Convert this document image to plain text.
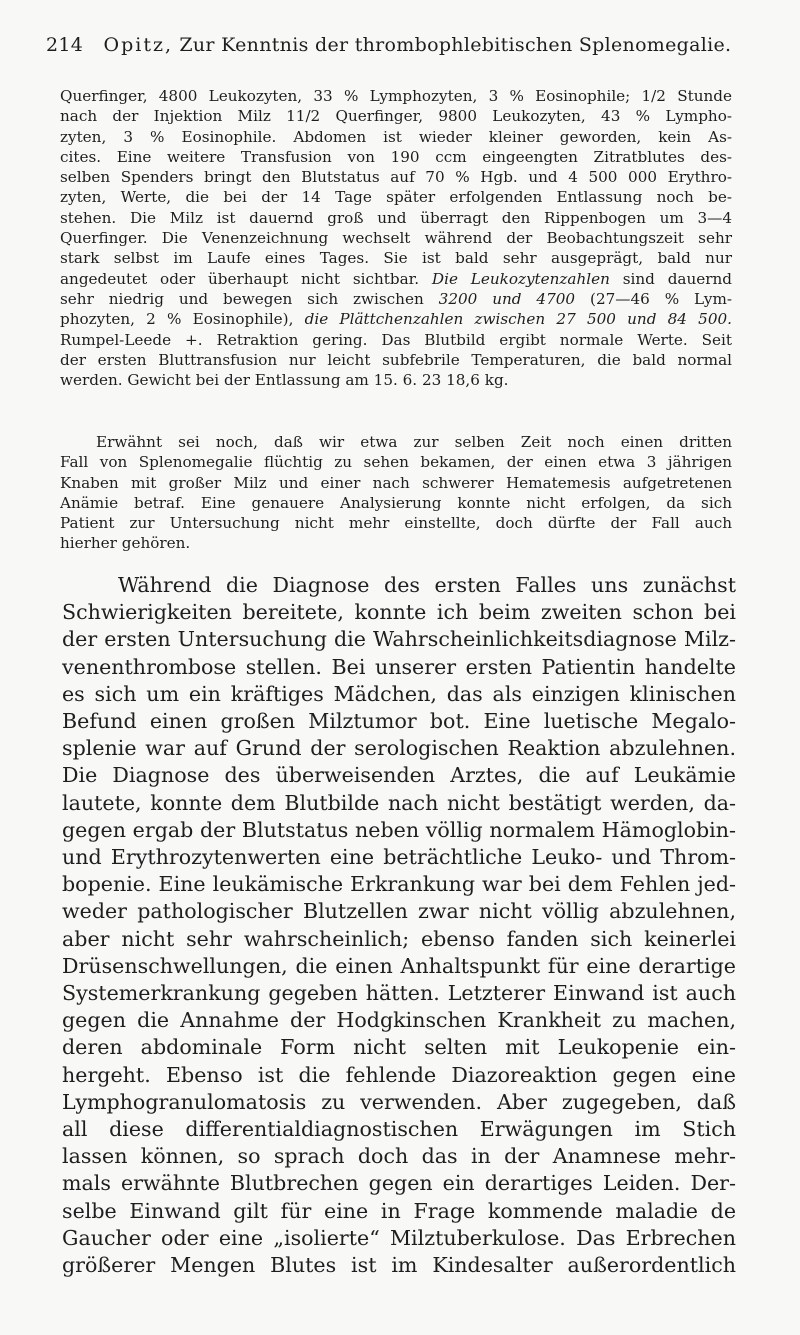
214 Opitz, Zur Kenntnis der thrombophlebitischen Splenomegalie.
Querfinger, 4800 Leukozyten, 33 % Lymphozyten, 3 % Eosinophile; 1/2 Stunde
nach der Injektion Milz 11/2 Querfinger, 9800 Leukozyten, 43 % Lympho-
zyten, 3 % Eosinophile. Abdomen ist wieder kleiner geworden, kein As-
cites. Eine weitere Transfusion von 190 ccm eingeengten Zitratblutes des-
selben Spenders bringt den Blutstatus auf 70 % Hgb. und 4 500 000 Erythro-
zyten, Werte, die bei der 14 Tage später erfolgenden Entlassung noch be-
stehen. Die Milz ist dauernd groß und überragt den Rippenbogen um 3—4
Querfinger. Die Venenzeichnung wechselt während der Beobachtungszeit sehr
stark selbst im Laufe eines Tages. Sie ist bald sehr ausgeprägt, bald nur
angedeutet oder überhaupt nicht sichtbar. Die Leukozytenzahlen sind dauernd
sehr niedrig und bewegen sich zwischen 3200 und 4700 (27—46 % Lym-
phozyten, 2 % Eosinophile), die Plättchenzahlen zwischen 27 500 und 84 500.
Rumpel-Leede +. Retraktion gering. Das Blutbild ergibt normale Werte. Seit
der ersten Bluttransfusion nur leicht subfebrile Temperaturen, die bald normal
werden. Gewicht bei der Entlassung am 15. 6. 23 18,6 kg.
Erwähnt sei noch, daß wir etwa zur selben Zeit noch einen dritten
Fall von Splenomegalie flüchtig zu sehen bekamen, der einen etwa 3 jährigen
Knaben mit großer Milz und einer nach schwerer Hematemesis aufgetretenen
Anämie betraf. Eine genauere Analysierung konnte nicht erfolgen, da sich
Patient zur Untersuchung nicht mehr einstellte, doch dürfte der Fall auch
hierher gehören.
Während die Diagnose des ersten Falles uns zunächst
Schwierigkeiten bereitete, konnte ich beim zweiten schon bei
der ersten Untersuchung die Wahrscheinlichkeitsdiagnose Milz-
venenthrombose stellen. Bei unserer ersten Patientin handelte
es sich um ein kräftiges Mädchen, das als einzigen klinischen
Befund einen großen Milztumor bot. Eine luetische Megalo-
splenie war auf Grund der serologischen Reaktion abzulehnen.
Die Diagnose des überweisenden Arztes, die auf Leukämie
lautete, konnte dem Blutbilde nach nicht bestätigt werden, da-
gegen ergab der Blutstatus neben völlig normalem Hämoglobin-
und Erythrozytenwerten eine beträchtliche Leuko- und Throm-
bopenie. Eine leukämische Erkrankung war bei dem Fehlen jed-
weder pathologischer Blutzellen zwar nicht völlig abzulehnen,
aber nicht sehr wahrscheinlich; ebenso fanden sich keinerlei
Drüsenschwellungen, die einen Anhaltspunkt für eine derartige
Systemerkrankung gegeben hätten. Letzterer Einwand ist auch
gegen die Annahme der Hodgkinschen Krankheit zu machen,
deren abdominale Form nicht selten mit Leukopenie ein-
hergeht. Ebenso ist die fehlende Diazoreaktion gegen eine
Lymphogranulomatosis zu verwenden. Aber zugegeben, daß
all diese differentialdiagnostischen Erwägungen im Stich
lassen können, so sprach doch das in der Anamnese mehr-
mals erwähnte Blutbrechen gegen ein derartiges Leiden. Der-
selbe Einwand gilt für eine in Frage kommende maladie de
Gaucher oder eine „isolierte“ Milztuberkulose. Das Erbrechen
größerer Mengen Blutes ist im Kindesalter außerordentlich
